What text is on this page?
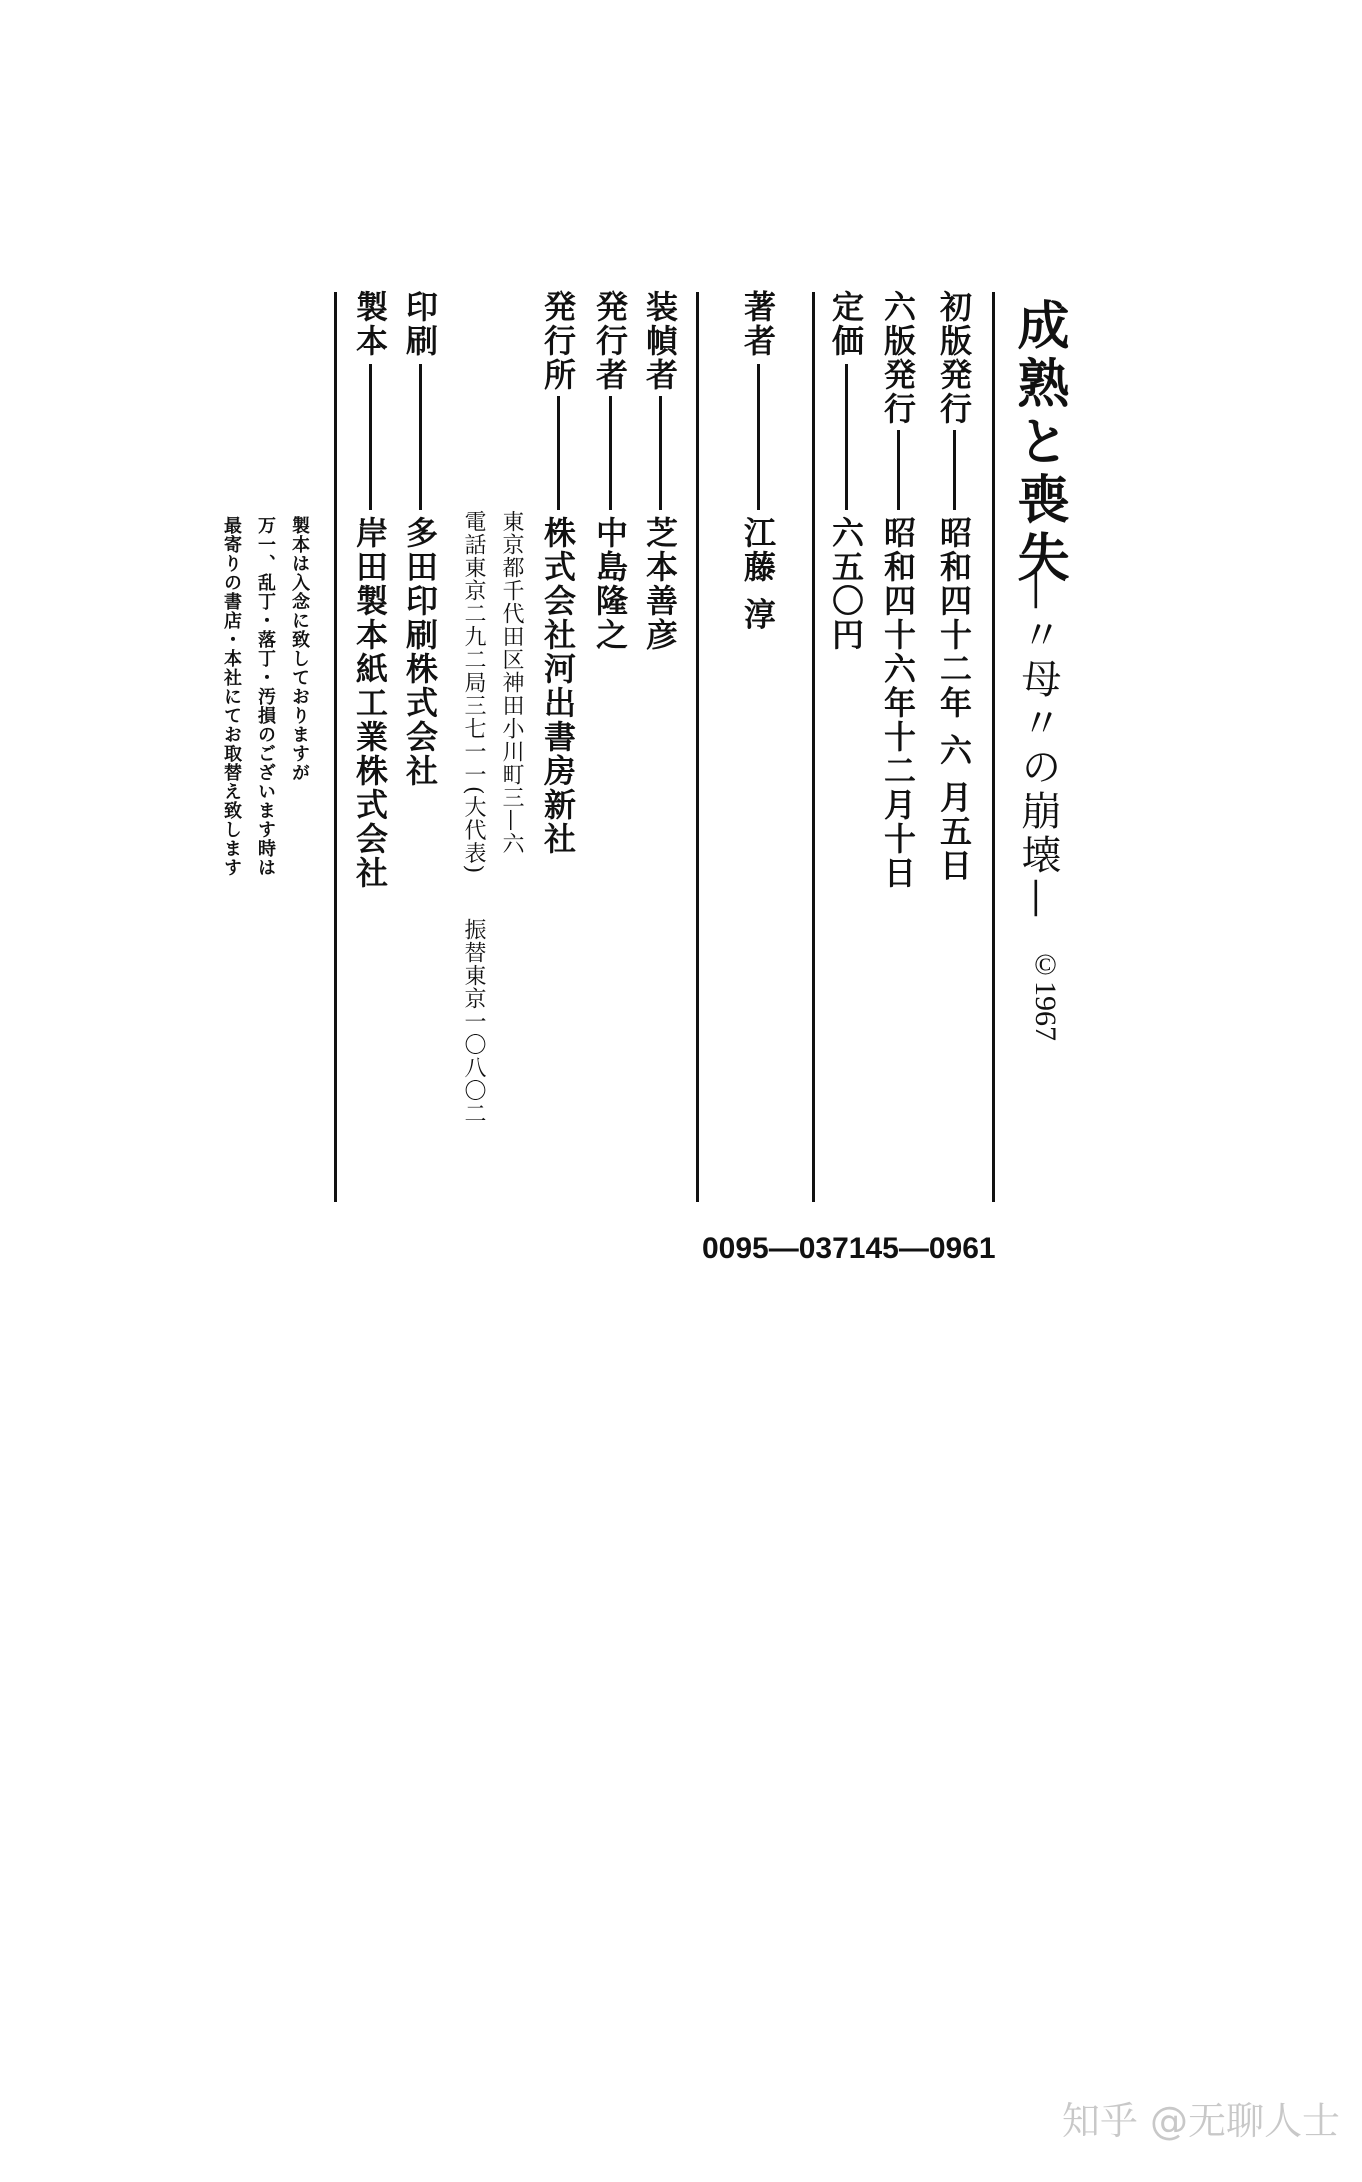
成熟と喪失
—〃母〃の崩壊—
©1967
初版発行
昭和四十二年 六 月五日
六版発行
昭和四十六年十二月十日
定価
六五〇円
著者
江藤 淳
装幀者
芝本善彦
発行者
中島隆之
発行所
株式会社河出書房新社
東京都千代田区神田小川町三—六
電話東京二九二局三七一一(大代表)
振替東京一〇八〇二
印刷
多田印刷株式会社
製本
岸田製本紙工業株式会社
製本は入念に致しておりますが
万一、乱丁・落丁・汚損のございます時は
最寄りの書店・本社にてお取替え致します
0095—037145—0961
知乎 @无聊人士
